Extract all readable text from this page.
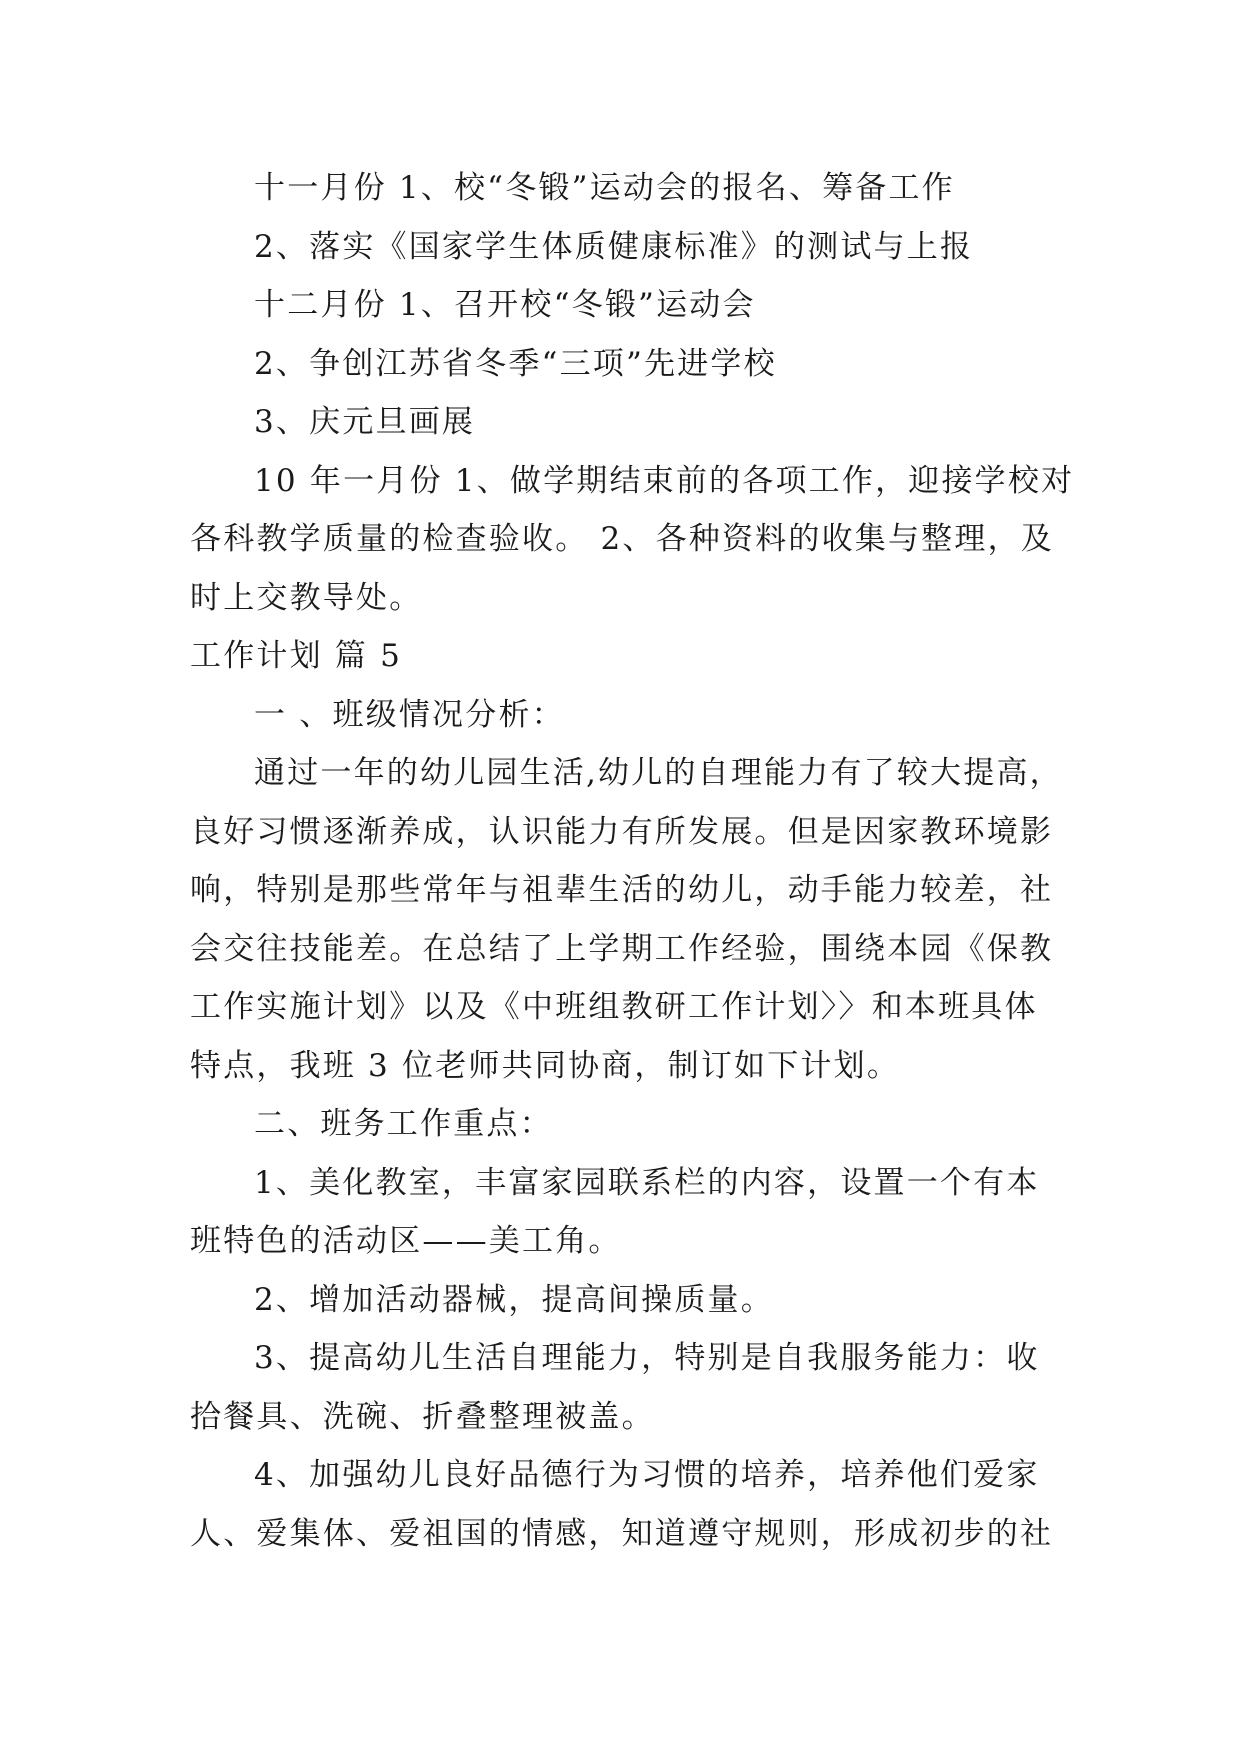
十一月份 1、校“冬锻”运动会的报名、筹备工作
2、落实《国家学生体质健康标准》的测试与上报
十二月份 1、召开校“冬锻”运动会
2、争创江苏省冬季“三项”先进学校
3、庆元旦画展
10 年一月份 1、做学期结束前的各项工作，迎接学校对
各科教学质量的检查验收。 2、各种资料的收集与整理，及
时上交教导处。
工作计划 篇 5
一 、班级情况分析：
通过一年的幼儿园生活,幼儿的自理能力有了较大提高，
良好习惯逐渐养成，认识能力有所发展。但是因家教环境影
响，特别是那些常年与祖辈生活的幼儿，动手能力较差，社
会交往技能差。在总结了上学期工作经验，围绕本园《保教
工作实施计划》以及《中班组教研工作计划〉〉和本班具体
特点，我班 3 位老师共同协商，制订如下计划。
二、班务工作重点：
1、美化教室，丰富家园联系栏的内容，设置一个有本
班特色的活动区——美工角。
2、增加活动器械，提高间操质量。
3、提高幼儿生活自理能力，特别是自我服务能力：收
拾餐具、洗碗、折叠整理被盖。
4、加强幼儿良好品德行为习惯的培养，培养他们爱家
人、爱集体、爱祖国的情感，知道遵守规则，形成初步的社
